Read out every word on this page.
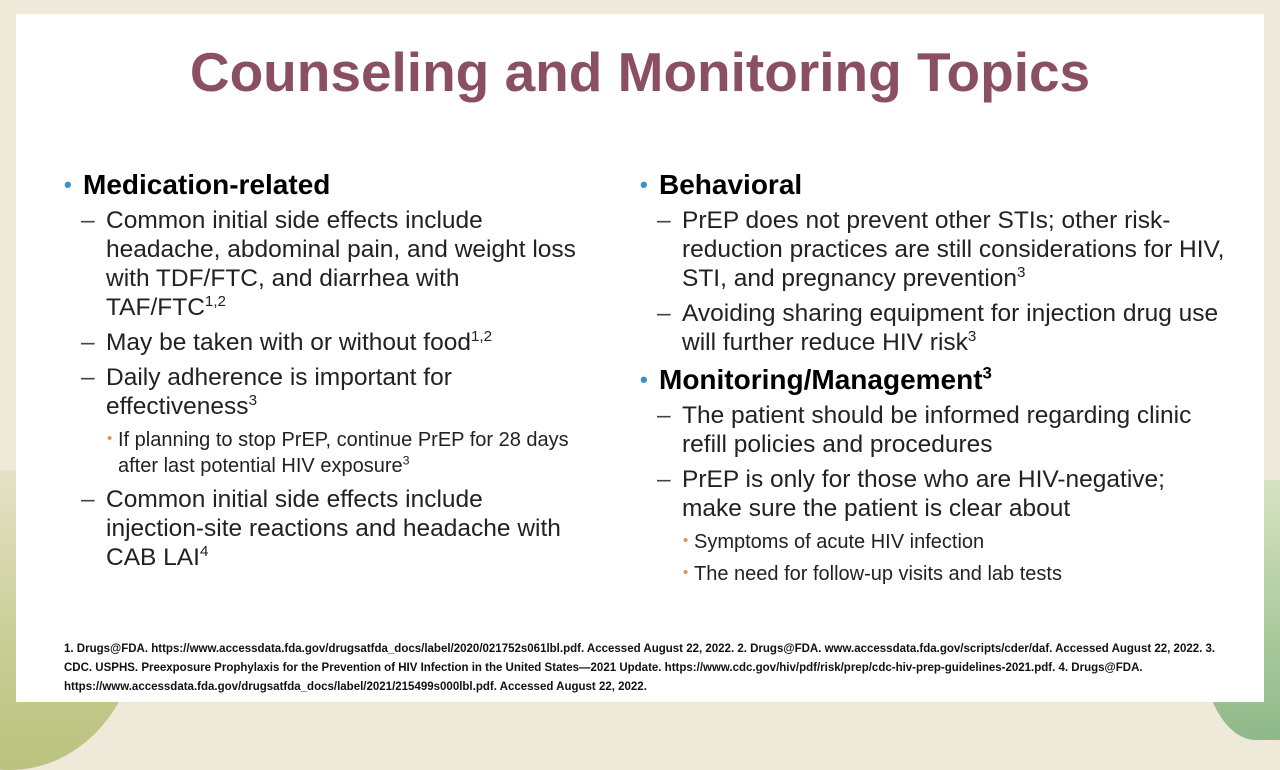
Counseling and Monitoring Topics
• Medication-related
– Common initial side effects include headache, abdominal pain, and weight loss with TDF/FTC, and diarrhea with TAF/FTC$^{1,2}$
– May be taken with or without food$^{1,2}$
– Daily adherence is important for effectiveness$^3$
• If planning to stop PrEP, continue PrEP for 28 days after last potential HIV exposure$^3$
– Common initial side effects include injection-site reactions and headache with CAB LAI$^4$
• Behavioral
– PrEP does not prevent other STIs; other risk-reduction practices are still considerations for HIV, STI, and pregnancy prevention$^3$
– Avoiding sharing equipment for injection drug use will further reduce HIV risk$^3$
• Monitoring/Management$^3$
– The patient should be informed regarding clinic refill policies and procedures
– PrEP is only for those who are HIV-negative; make sure the patient is clear about
• Symptoms of acute HIV infection
• The need for follow-up visits and lab tests
1. Drugs@FDA. https://www.accessdata.fda.gov/drugsatfda_docs/label/2020/021752s061lbl.pdf. Accessed August 22, 2022. 2. Drugs@FDA. www.accessdata.fda.gov/scripts/cder/daf. Accessed August 22, 2022. 3. CDC. USPHS. Preexposure Prophylaxis for the Prevention of HIV Infection in the United States—2021 Update. https://www.cdc.gov/hiv/pdf/risk/prep/cdc-hiv-prep-guidelines-2021.pdf. 4. Drugs@FDA. https://www.accessdata.fda.gov/drugsatfda_docs/label/2021/215499s000lbl.pdf. Accessed August 22, 2022.
